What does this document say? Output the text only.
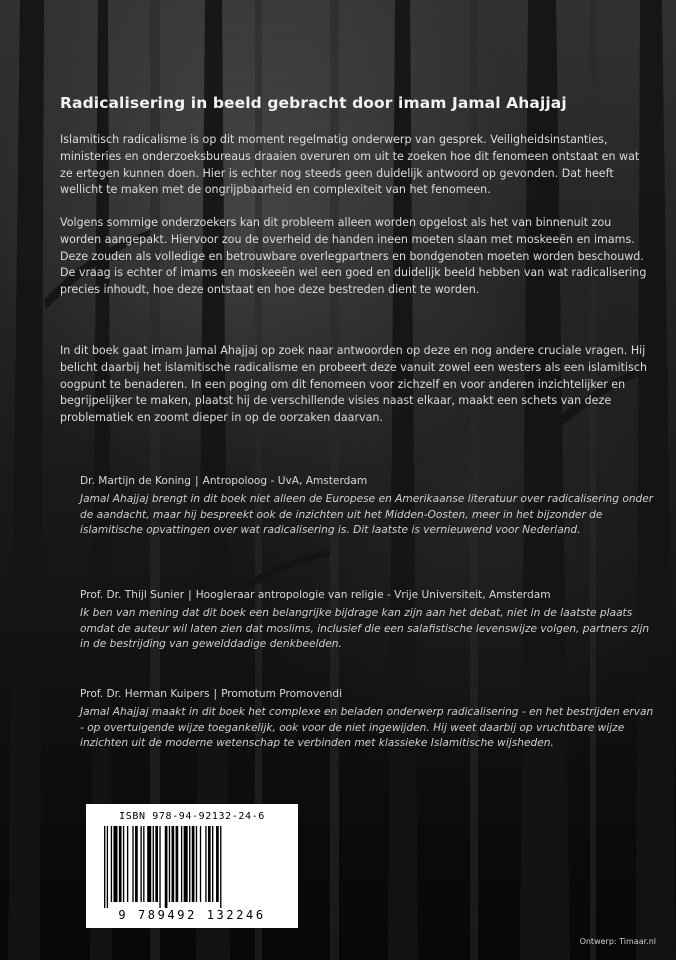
Radicalisering in beeld gebracht door imam Jamal Ahajjaj

Islamitisch radicalisme is op dit moment regelmatig onderwerp van gesprek. Veiligheidsinstanties, ministeries en onderzoeksbureaus draaien overuren om uit te zoeken hoe dit fenomeen ontstaat en wat ze ertegen kunnen doen. Hier is echter nog steeds geen duidelijk antwoord op gevonden. Dat heeft wellicht te maken met de ongrijpbaarheid en complexiteit van het fenomeen.

Volgens sommige onderzoekers kan dit probleem alleen worden opgelost als het van binnenuit zou worden aangepakt. Hiervoor zou de overheid de handen ineen moeten slaan met moskeeën en imams. Deze zouden als volledige en betrouwbare overlegpartners en bondgenoten moeten worden beschouwd. De vraag is echter of imams en moskeeën wel een goed en duidelijk beeld hebben van wat radicalisering precies inhoudt, hoe deze ontstaat en hoe deze bestreden dient te worden.

In dit boek gaat imam Jamal Ahajjaj op zoek naar antwoorden op deze en nog andere cruciale vragen. Hij belicht daarbij het islamitische radicalisme en probeert deze vanuit zowel een westers als een islamitisch oogpunt te benaderen. In een poging om dit fenomeen voor zichzelf en voor anderen inzichtelijker en begrijpelijker te maken, plaatst hij de verschillende visies naast elkaar, maakt een schets van deze problematiek en zoomt dieper in op de oorzaken daarvan.

Dr. Martijn de Koning | Antropoloog - UvA, Amsterdam
Jamal Ahajjaj brengt in dit boek niet alleen de Europese en Amerikaanse literatuur over radicalisering onder de aandacht, maar hij bespreekt ook de inzichten uit het Midden-Oosten, meer in het bijzonder de islamitische opvattingen over wat radicalisering is. Dit laatste is vernieuwend voor Nederland.
Prof. Dr. Thijl Sunier | Hoogleraar antropologie van religie - Vrije Universiteit, Amsterdam
Ik ben van mening dat dit boek een belangrijke bijdrage kan zijn aan het debat, niet in de laatste plaats omdat de auteur wil laten zien dat moslims, inclusief die een salafistische levenswijze volgen, partners zijn in de bestrijding van gewelddadige denkbeelden.
Prof. Dr. Herman Kuipers | Promotum Promovendi
Jamal Ahajjaj maakt in dit boek het complexe en beladen onderwerp radicalisering - en het bestrijden ervan - op overtuigende wijze toegankelijk, ook voor de niet ingewijden. Hij weet daarbij op vruchtbare wijze inzichten uit de moderne wetenschap te verbinden met klassieke Islamitische wijsheden.
ISBN 978-94-92132-24-6
9 789492 132246
Ontwerp: Timaar.nl
